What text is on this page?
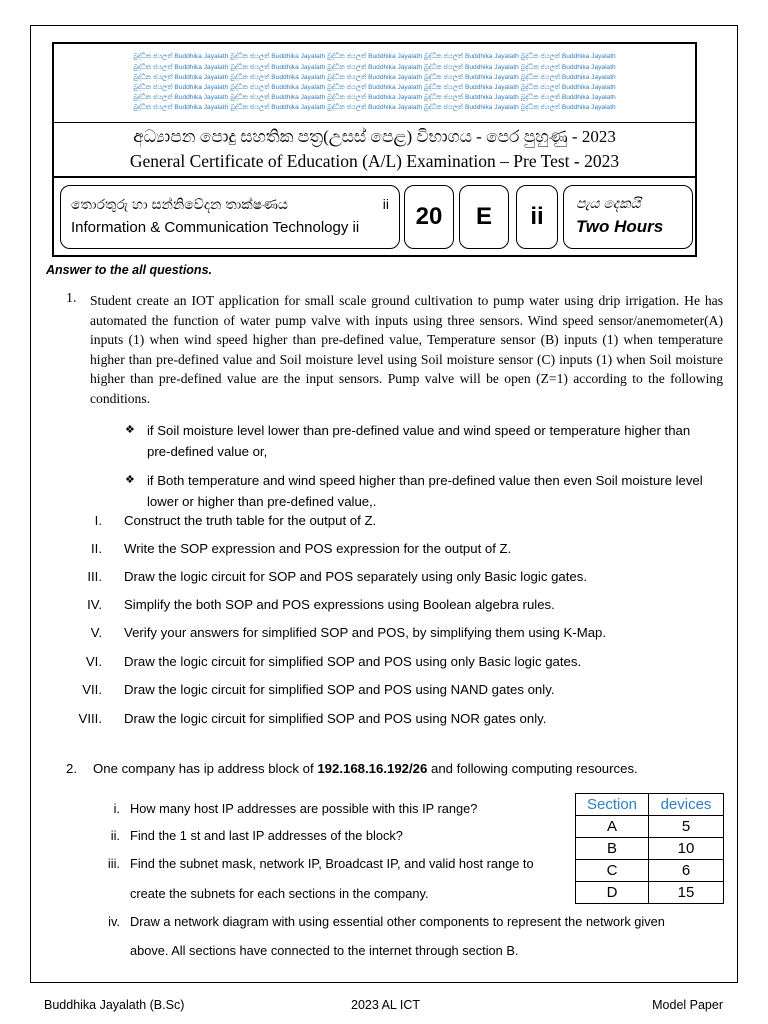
බුද්ධික ජයලත් Buddhika Jayalath බුද්ධික ජයලත් Buddhika Jayalath බුද්ධික ජයලත් Buddhika Jayalath බුද්ධික ජයලත් Buddhika Jayalath බුද්ධික ජයලත් Buddhika Jayalath
බුද්ධික ජයලත් Buddhika Jayalath බුද්ධික ජයලත් Buddhika Jayalath බුද්ධික ජයලත් Buddhika Jayalath බුද්ධික ජයලත් Buddhika Jayalath බුද්ධික ජයලත් Buddhika Jayalath
බුද්ධික ජයලත් Buddhika Jayalath බුද්ධික ජයලත් Buddhika Jayalath බුද්ධික ජයලත් Buddhika Jayalath බුද්ධික ජයලත් Buddhika Jayalath බුද්ධික ජයලත් Buddhika Jayalath
බුද්ධික ජයලත් Buddhika Jayalath බුද්ධික ජයලත් Buddhika Jayalath බුද්ධික ජයලත් Buddhika Jayalath බුද්ධික ජයලත් Buddhika Jayalath බුද්ධික ජයලත් Buddhika Jayalath
බුද්ධික ජයලත් Buddhika Jayalath බුද්ධික ජයලත් Buddhika Jayalath බුද්ධික ජයලත් Buddhika Jayalath බුද්ධික ජයලත් Buddhika Jayalath බුද්ධික ජයලත් Buddhika Jayalath
බුද්ධික ජයලත් Buddhika Jayalath බුද්ධික ජයලත් Buddhika Jayalath බුද්ධික ජයලත් Buddhika Jayalath බුද්ධික ජයලත් Buddhika Jayalath බුද්ධික ජයලත් Buddhika Jayalath
අධ්‍යාපන පොදු සහතික පත්‍ර(උසස් පෙළ) විභාගය - පෙර පුහුණු - 2023
General Certificate of Education (A/L) Examination – Pre Test - 2023
තොරතුරු හා සන්නිවේදන තාක්ෂණය	ii
Information & Communication Technology ii	20	E	ii	පැය දෙකයි
Two Hours
Answer to the all questions.
1. Student create an IOT application for small scale ground cultivation to pump water using drip irrigation. He has automated the function of water pump valve with inputs using three sensors. Wind speed sensor/anemometer(A) inputs (1) when wind speed higher than pre-defined value, Temperature sensor (B) inputs (1) when temperature higher than pre-defined value and Soil moisture level using Soil moisture sensor (C) inputs (1) when Soil moisture higher than pre-defined value are the input sensors. Pump valve will be open (Z=1) according to the following conditions.
❖ if Soil moisture level lower than pre-defined value and wind speed or temperature higher than pre-defined value or,
❖ if Both temperature and wind speed higher than pre-defined value then even Soil moisture level lower or higher than pre-defined value,.
I. Construct the truth table for the output of Z.
II. Write the SOP expression and POS expression for the output of Z.
III. Draw the logic circuit for SOP and POS separately using only Basic logic gates.
IV. Simplify the both SOP and POS expressions using Boolean algebra rules.
V. Verify your answers for simplified SOP and POS, by simplifying them using K-Map.
VI. Draw the logic circuit for simplified SOP and POS using only Basic logic gates.
VII. Draw the logic circuit for simplified SOP and POS using NAND gates only.
VIII. Draw the logic circuit for simplified SOP and POS using NOR gates only.
2. One company has ip address block of 192.168.16.192/26 and following computing resources.
i. How many host IP addresses are possible with this IP range?
ii. Find the 1 st and last IP addresses of the block?
iii. Find the subnet mask, network IP, Broadcast IP, and valid host range to
create the subnets for each sections in the company.
iv. Draw a network diagram with using essential other components to represent the network given
above. All sections have connected to the internet through section B.
Section	devices
A	5
B	10
C	6
D	15
Buddhika Jayalath (B.Sc)	2023 AL ICT	Model Paper
